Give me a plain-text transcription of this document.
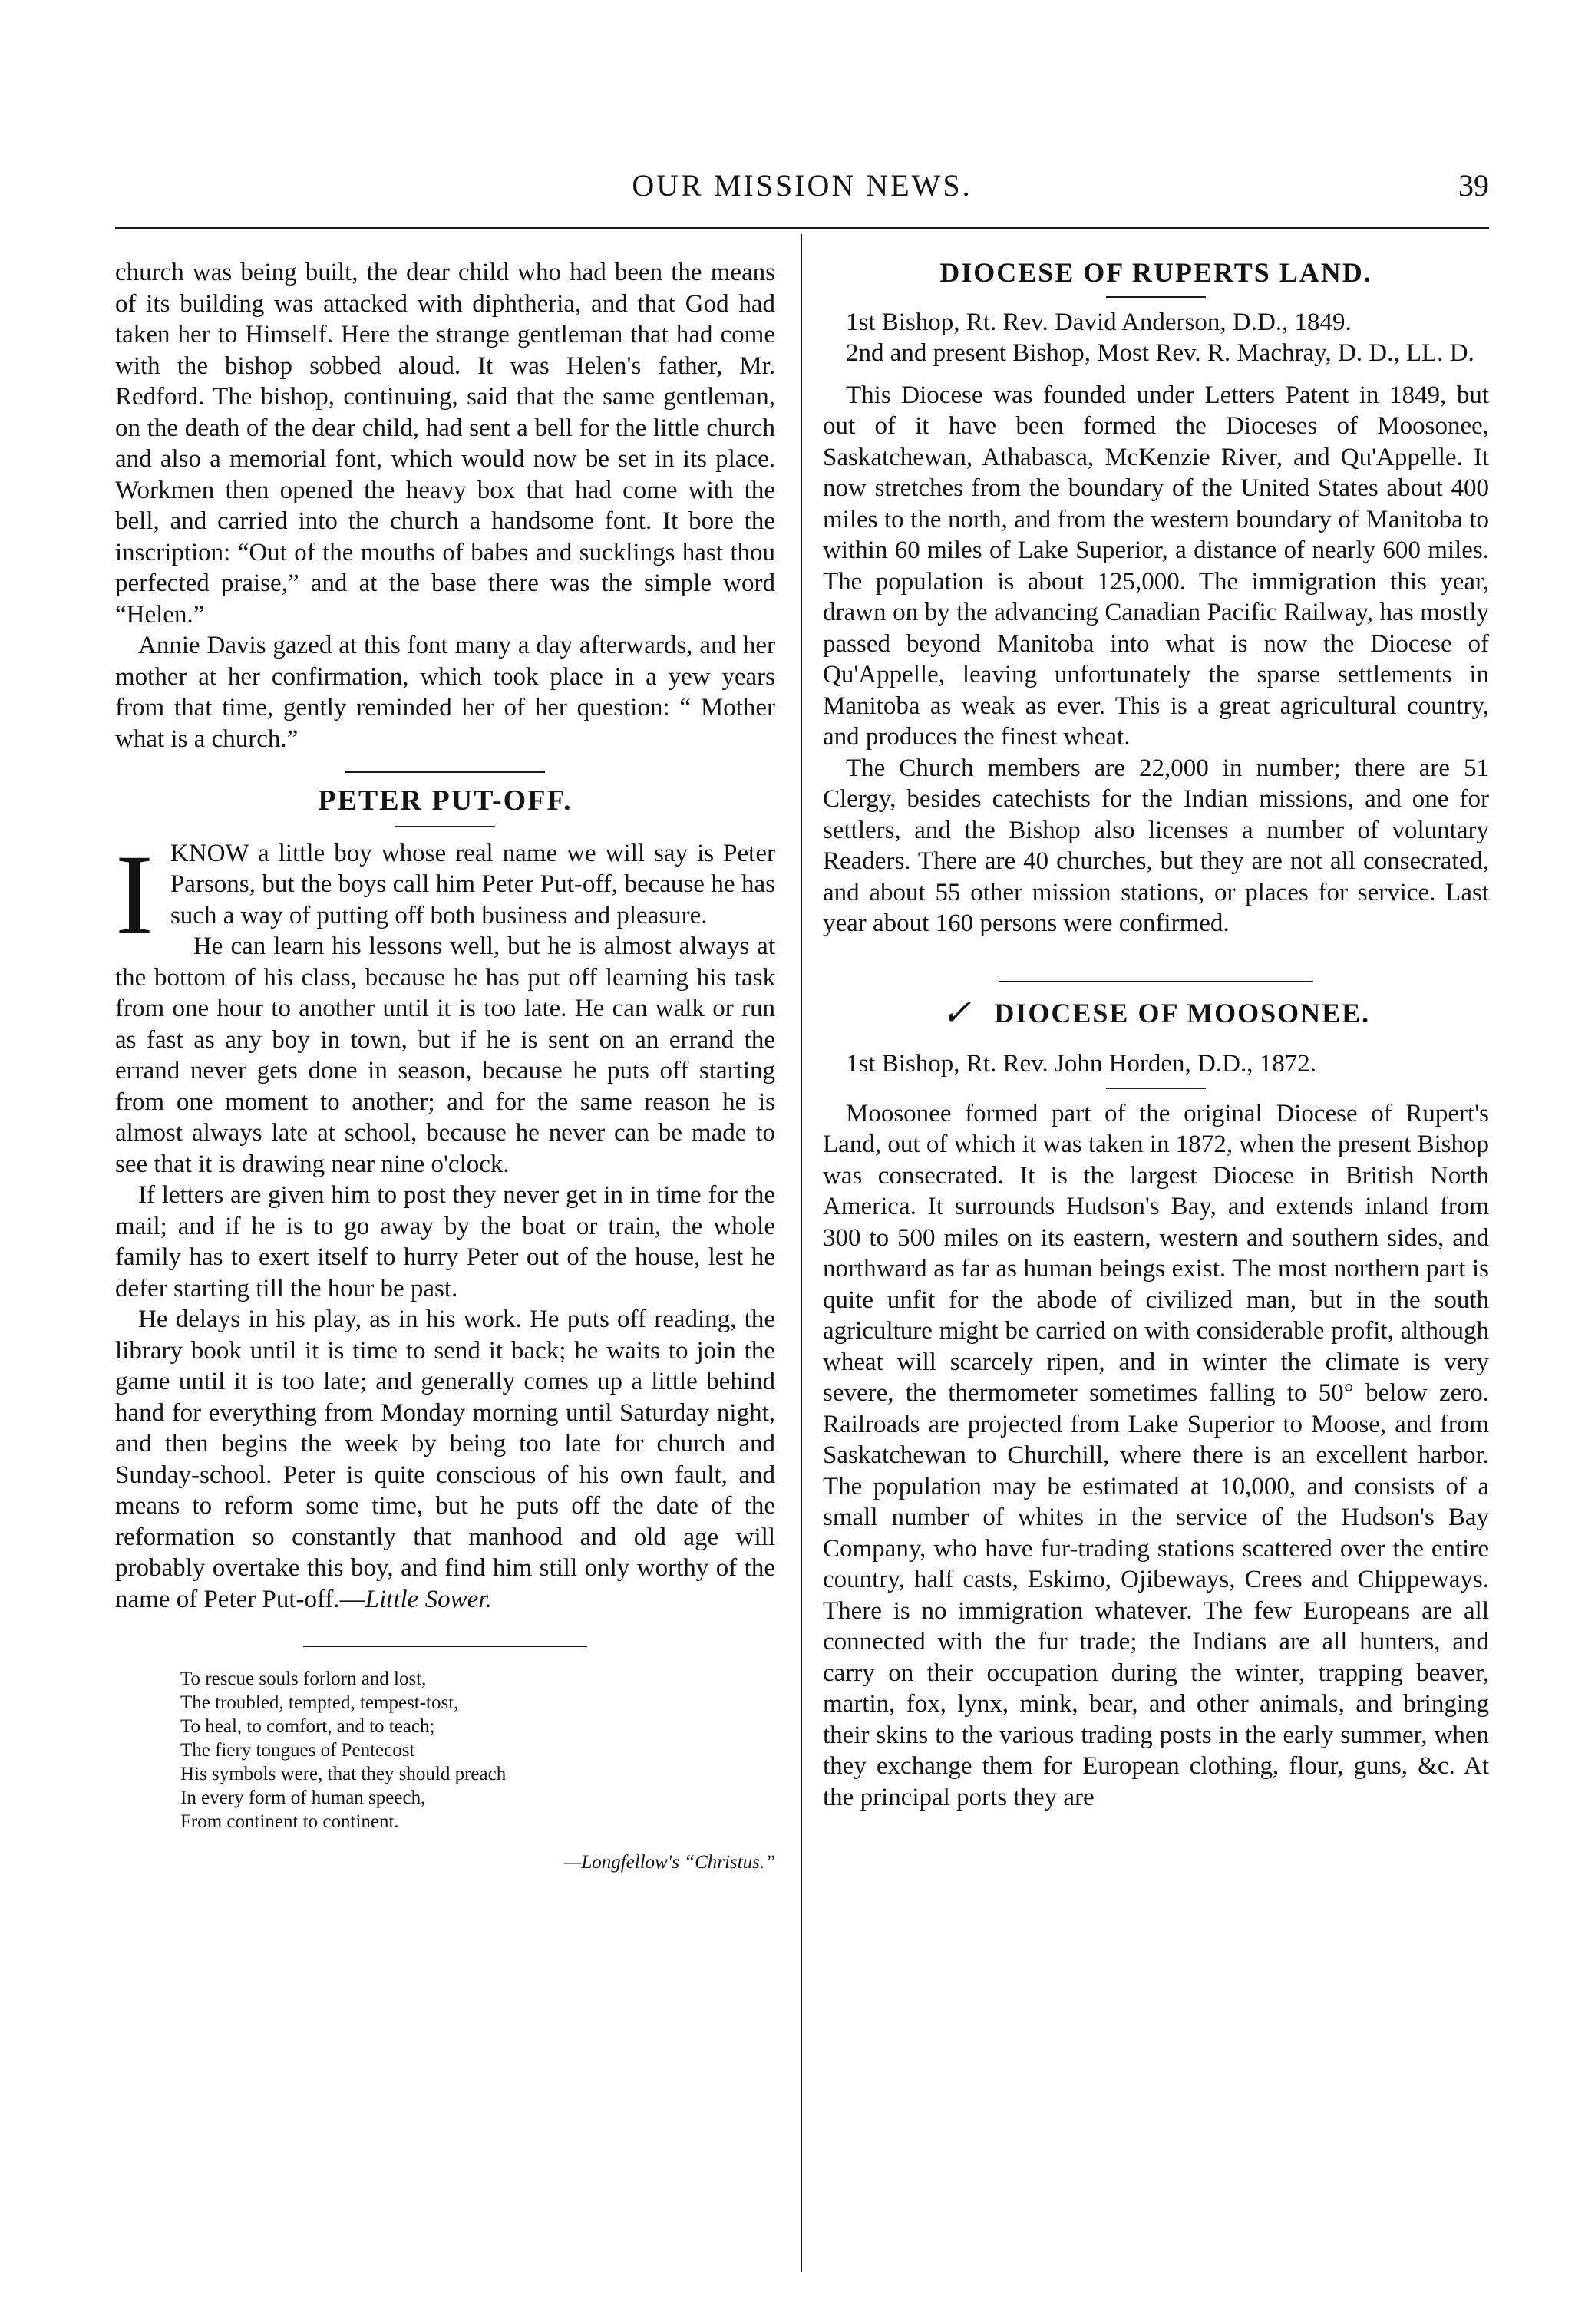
OUR MISSION NEWS.	39

church was being built, the dear child who had been the means of its building was attacked with diphtheria, and that God had taken her to Himself. Here the strange gentleman that had come with the bishop sobbed aloud. It was Helen's father, Mr. Redford. The bishop, continuing, said that the same gentleman, on the death of the dear child, had sent a bell for the little church and also a memorial font, which would now be set in its place. Workmen then opened the heavy box that had come with the bell, and carried into the church a handsome font. It bore the inscription: “Out of the mouths of babes and sucklings hast thou perfected praise,” and at the base there was the simple word “Helen.”

Annie Davis gazed at this font many a day afterwards, and her mother at her confirmation, which took place in a yew years from that time, gently reminded her of her question: “ Mother what is a church.”

PETER PUT-OFF.

IKNOW a little boy whose real name we will say is Peter Parsons, but the boys call him Peter Put-off, because he has such a way of putting off both business and pleasure.

He can learn his lessons well, but he is almost always at the bottom of his class, because he has put off learning his task from one hour to another until it is too late. He can walk or run as fast as any boy in town, but if he is sent on an errand the errand never gets done in season, because he puts off starting from one moment to another; and for the same reason he is almost always late at school, because he never can be made to see that it is drawing near nine o'clock.

If letters are given him to post they never get in in time for the mail; and if he is to go away by the boat or train, the whole family has to exert itself to hurry Peter out of the house, lest he defer starting till the hour be past.

He delays in his play, as in his work. He puts off reading, the library book until it is time to send it back; he waits to join the game until it is too late; and generally comes up a little behind hand for everything from Monday morning until Saturday night, and then begins the week by being too late for church and Sunday-school. Peter is quite conscious of his own fault, and means to reform some time, but he puts off the date of the reformation so constantly that manhood and old age will probably overtake this boy, and find him still only worthy of the name of Peter Put-off.—Little Sower.

To rescue souls forlorn and lost,
The troubled, tempted, tempest-tost,
To heal, to comfort, and to teach;
The fiery tongues of Pentecost
His symbols were, that they should preach
In every form of human speech,
From continent to continent.
—Longfellow's “Christus.”
DIOCESE OF RUPERTS LAND.

1st Bishop, Rt. Rev. David Anderson, D.D., 1849.

2nd and present Bishop, Most Rev. R. Machray, D. D., LL. D.

This Diocese was founded under Letters Patent in 1849, but out of it have been formed the Dioceses of Moosonee, Saskatchewan, Athabasca, McKenzie River, and Qu'Appelle. It now stretches from the boundary of the United States about 400 miles to the north, and from the western boundary of Manitoba to within 60 miles of Lake Superior, a distance of nearly 600 miles. The population is about 125,000. The immigration this year, drawn on by the advancing Canadian Pacific Railway, has mostly passed beyond Manitoba into what is now the Diocese of Qu'Appelle, leaving unfortunately the sparse settlements in Manitoba as weak as ever. This is a great agricultural country, and produces the finest wheat.

The Church members are 22,000 in number; there are 51 Clergy, besides catechists for the Indian missions, and one for settlers, and the Bishop also licenses a number of voluntary Readers. There are 40 churches, but they are not all consecrated, and about 55 other mission stations, or places for service. Last year about 160 persons were confirmed.

✓ DIOCESE OF MOOSONEE.

1st Bishop, Rt. Rev. John Horden, D.D., 1872.

Moosonee formed part of the original Diocese of Rupert's Land, out of which it was taken in 1872, when the present Bishop was consecrated. It is the largest Diocese in British North America. It surrounds Hudson's Bay, and extends inland from 300 to 500 miles on its eastern, western and southern sides, and northward as far as human beings exist. The most northern part is quite unfit for the abode of civilized man, but in the south agriculture might be carried on with considerable profit, although wheat will scarcely ripen, and in winter the climate is very severe, the thermometer sometimes falling to 50° below zero. Railroads are projected from Lake Superior to Moose, and from Saskatchewan to Churchill, where there is an excellent harbor. The population may be estimated at 10,000, and consists of a small number of whites in the service of the Hudson's Bay Company, who have fur-trading stations scattered over the entire country, half casts, Eskimo, Ojibeways, Crees and Chippeways. There is no immigration whatever. The few Europeans are all connected with the fur trade; the Indians are all hunters, and carry on their occupation during the winter, trapping beaver, martin, fox, lynx, mink, bear, and other animals, and bringing their skins to the various trading posts in the early summer, when they exchange them for European clothing, flour, guns, &c. At the principal ports they are
